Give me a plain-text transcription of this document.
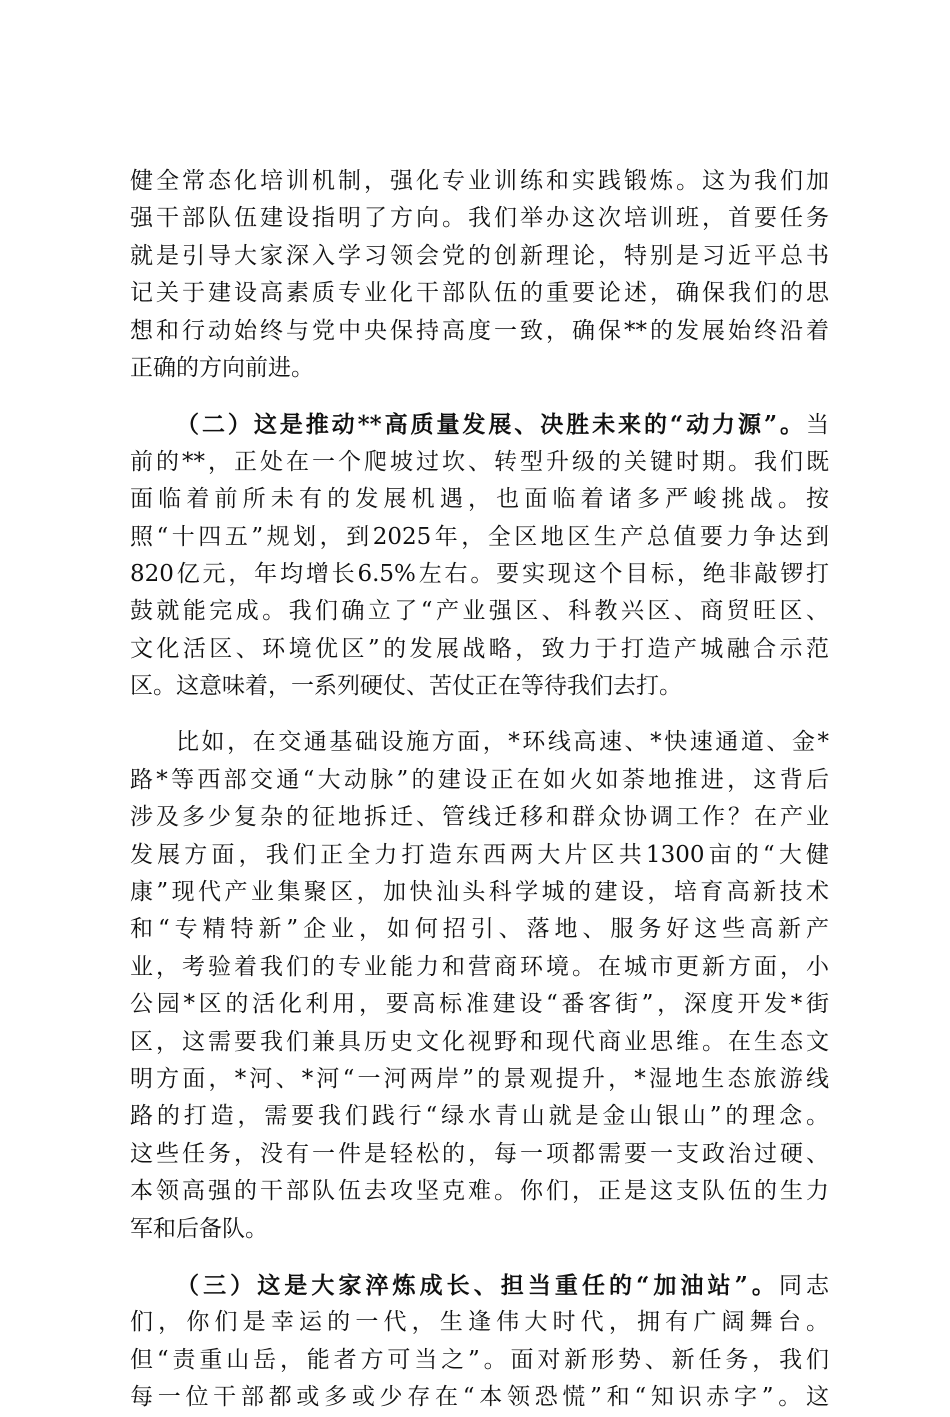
健全常态化培训机制，强化专业训练和实践锻炼。这为我们加
强干部队伍建设指明了方向。我们举办这次培训班，首要任务
就是引导大家深入学习领会党的创新理论，特别是习近平总书
记关于建设高素质专业化干部队伍的重要论述，确保我们的思
想和行动始终与党中央保持高度一致，确保**的发展始终沿着
正确的方向前进。
（二）这是推动**高质量发展、决胜未来的“动力源”。当
前的**，正处在一个爬坡过坎、转型升级的关键时期。我们既
面临着前所未有的发展机遇，也面临着诸多严峻挑战。按
照“十四五”规划，到2025年，全区地区生产总值要力争达到
820亿元，年均增长6.5%左右。要实现这个目标，绝非敲锣打
鼓就能完成。我们确立了“产业强区、科教兴区、商贸旺区、
文化活区、环境优区”的发展战略，致力于打造产城融合示范
区。这意味着，一系列硬仗、苦仗正在等待我们去打。
比如，在交通基础设施方面，*环线高速、*快速通道、金*
路*等西部交通“大动脉”的建设正在如火如荼地推进，这背后
涉及多少复杂的征地拆迁、管线迁移和群众协调工作？在产业
发展方面，我们正全力打造东西两大片区共1300亩的“大健
康”现代产业集聚区，加快汕头科学城的建设，培育高新技术
和“专精特新”企业，如何招引、落地、服务好这些高新产
业，考验着我们的专业能力和营商环境。在城市更新方面，小
公园*区的活化利用，要高标准建设“番客街”，深度开发*街
区，这需要我们兼具历史文化视野和现代商业思维。在生态文
明方面，*河、*河“一河两岸”的景观提升，*湿地生态旅游线
路的打造，需要我们践行“绿水青山就是金山银山”的理念。
这些任务，没有一件是轻松的，每一项都需要一支政治过硬、
本领高强的干部队伍去攻坚克难。你们，正是这支队伍的生力
军和后备队。
（三）这是大家淬炼成长、担当重任的“加油站”。同志
们，你们是幸运的一代，生逢伟大时代，拥有广阔舞台。
但“责重山岳，能者方可当之”。面对新形势、新任务，我们
每一位干部都或多或少存在“本领恐慌”和“知识赤字”。这
